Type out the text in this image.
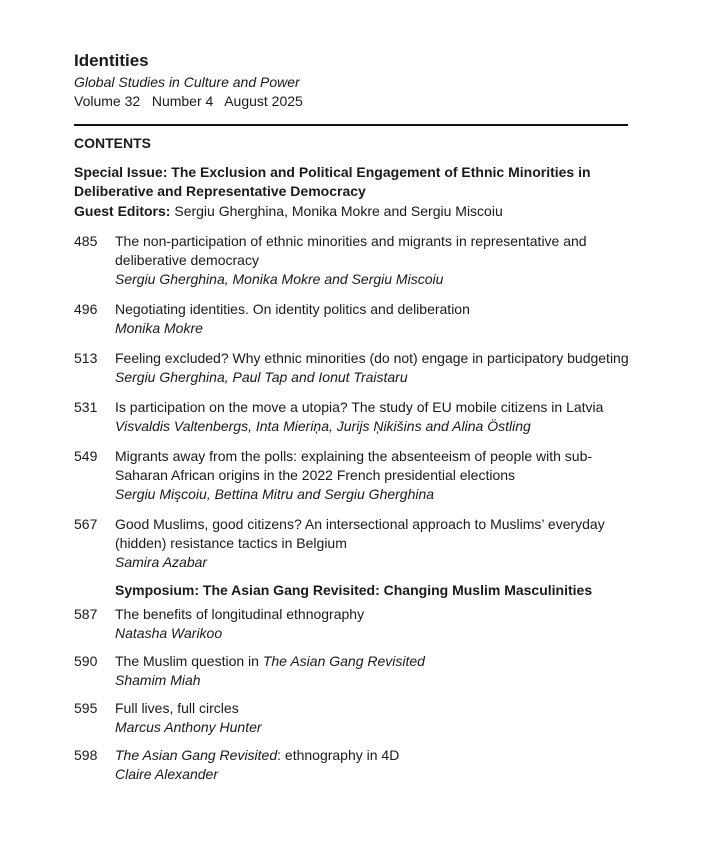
Identities
Global Studies in Culture and Power
Volume 32   Number 4   August 2025
CONTENTS
Special Issue: The Exclusion and Political Engagement of Ethnic Minorities in Deliberative and Representative Democracy
Guest Editors: Sergiu Gherghina, Monika Mokre and Sergiu Miscoiu
485	The non-participation of ethnic minorities and migrants in representative and deliberative democracy
Sergiu Gherghina, Monika Mokre and Sergiu Miscoiu
496	Negotiating identities. On identity politics and deliberation
Monika Mokre
513	Feeling excluded? Why ethnic minorities (do not) engage in participatory budgeting
Sergiu Gherghina, Paul Tap and Ionut Traistaru
531	Is participation on the move a utopia? The study of EU mobile citizens in Latvia
Visvaldis Valtenbergs, Inta Mieriņa, Jurijs Ņikišins and Alina Östling
549	Migrants away from the polls: explaining the absenteeism of people with sub-Saharan African origins in the 2022 French presidential elections
Sergiu Mişcoiu, Bettina Mitru and Sergiu Gherghina
567	Good Muslims, good citizens? An intersectional approach to Muslims’ everyday (hidden) resistance tactics in Belgium
Samira Azabar
Symposium: The Asian Gang Revisited: Changing Muslim Masculinities
587	The benefits of longitudinal ethnography
Natasha Warikoo
590	The Muslim question in The Asian Gang Revisited
Shamim Miah
595	Full lives, full circles
Marcus Anthony Hunter
598	The Asian Gang Revisited: ethnography in 4D
Claire Alexander
